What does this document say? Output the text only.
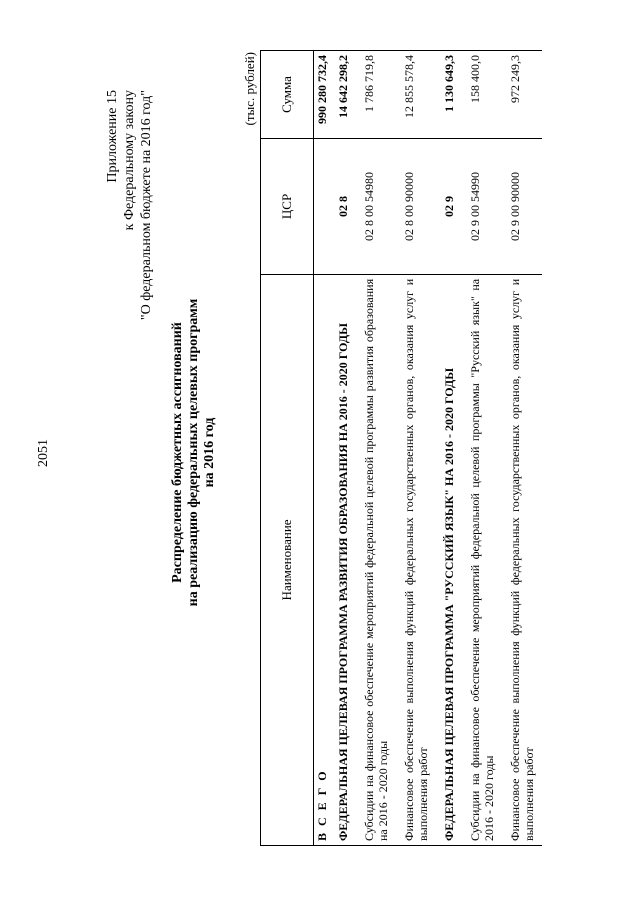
2051
Приложение 15 к Федеральному закону "О федеральном бюджете на 2016 год"
Распределение бюджетных ассигнований на реализацию федеральных целевых программ на 2016 год
(тыс. рублей)
Наименование	ЦСР	Сумма
В С Е Г О		990 280 732,4
ФЕДЕРАЛЬНАЯ ЦЕЛЕВАЯ ПРОГРАММА РАЗВИТИЯ ОБРАЗОВАНИЯ НА 2016 - 2020 ГОДЫ	02 8	14 642 298,2
Субсидии на финансовое обеспечение мероприятий федеральной целевой программы развития образования на 2016 - 2020 годы	02 8 00 54980	1 786 719,8
Финансовое обеспечение выполнения функций федеральных государственных органов, оказания услуг и выполнения работ	02 8 00 90000	12 855 578,4
ФЕДЕРАЛЬНАЯ ЦЕЛЕВАЯ ПРОГРАММА "РУССКИЙ ЯЗЫК" НА 2016 - 2020 ГОДЫ	02 9	1 130 649,3
Субсидии на финансовое обеспечение мероприятий федеральной целевой программы "Русский язык" на 2016 - 2020 годы	02 9 00 54990	158 400,0
Финансовое обеспечение выполнения функций федеральных государственных органов, оказания услуг и выполнения работ	02 9 00 90000	972 249,3
